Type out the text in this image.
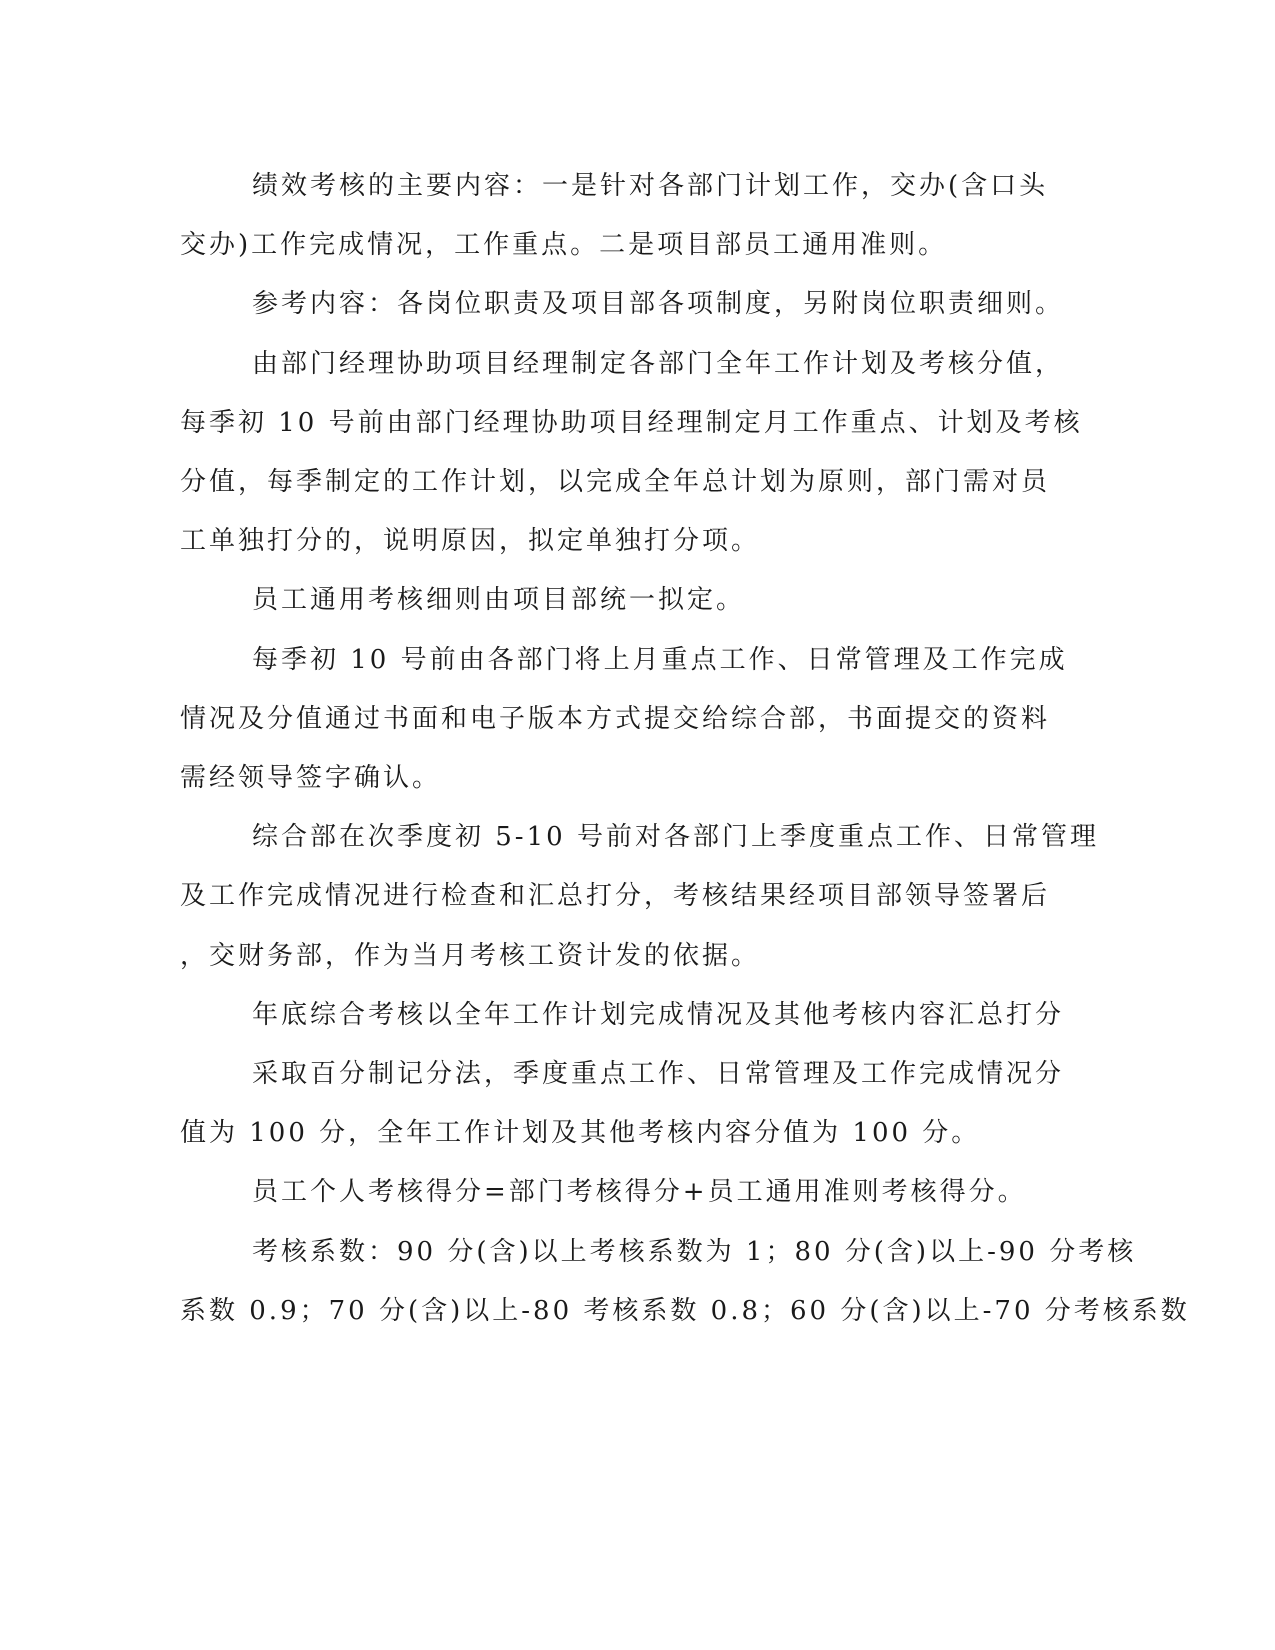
绩效考核的主要内容：一是针对各部门计划工作，交办(含口头
交办)工作完成情况，工作重点。二是项目部员工通用准则。

参考内容：各岗位职责及项目部各项制度，另附岗位职责细则。

由部门经理协助项目经理制定各部门全年工作计划及考核分值，
每季初 10 号前由部门经理协助项目经理制定月工作重点、计划及考核
分值，每季制定的工作计划，以完成全年总计划为原则，部门需对员
工单独打分的，说明原因，拟定单独打分项。

员工通用考核细则由项目部统一拟定。

每季初 10 号前由各部门将上月重点工作、日常管理及工作完成
情况及分值通过书面和电子版本方式提交给综合部，书面提交的资料
需经领导签字确认。

综合部在次季度初 5-10 号前对各部门上季度重点工作、日常管理
及工作完成情况进行检查和汇总打分，考核结果经项目部领导签署后
，交财务部，作为当月考核工资计发的依据。

年底综合考核以全年工作计划完成情况及其他考核内容汇总打分

采取百分制记分法，季度重点工作、日常管理及工作完成情况分
值为 100 分，全年工作计划及其他考核内容分值为 100 分。

员工个人考核得分=部门考核得分+员工通用准则考核得分。

考核系数：90 分(含)以上考核系数为 1；80 分(含)以上-90 分考核
系数 0.9；70 分(含)以上-80 考核系数 0.8；60 分(含)以上-70 分考核系数
